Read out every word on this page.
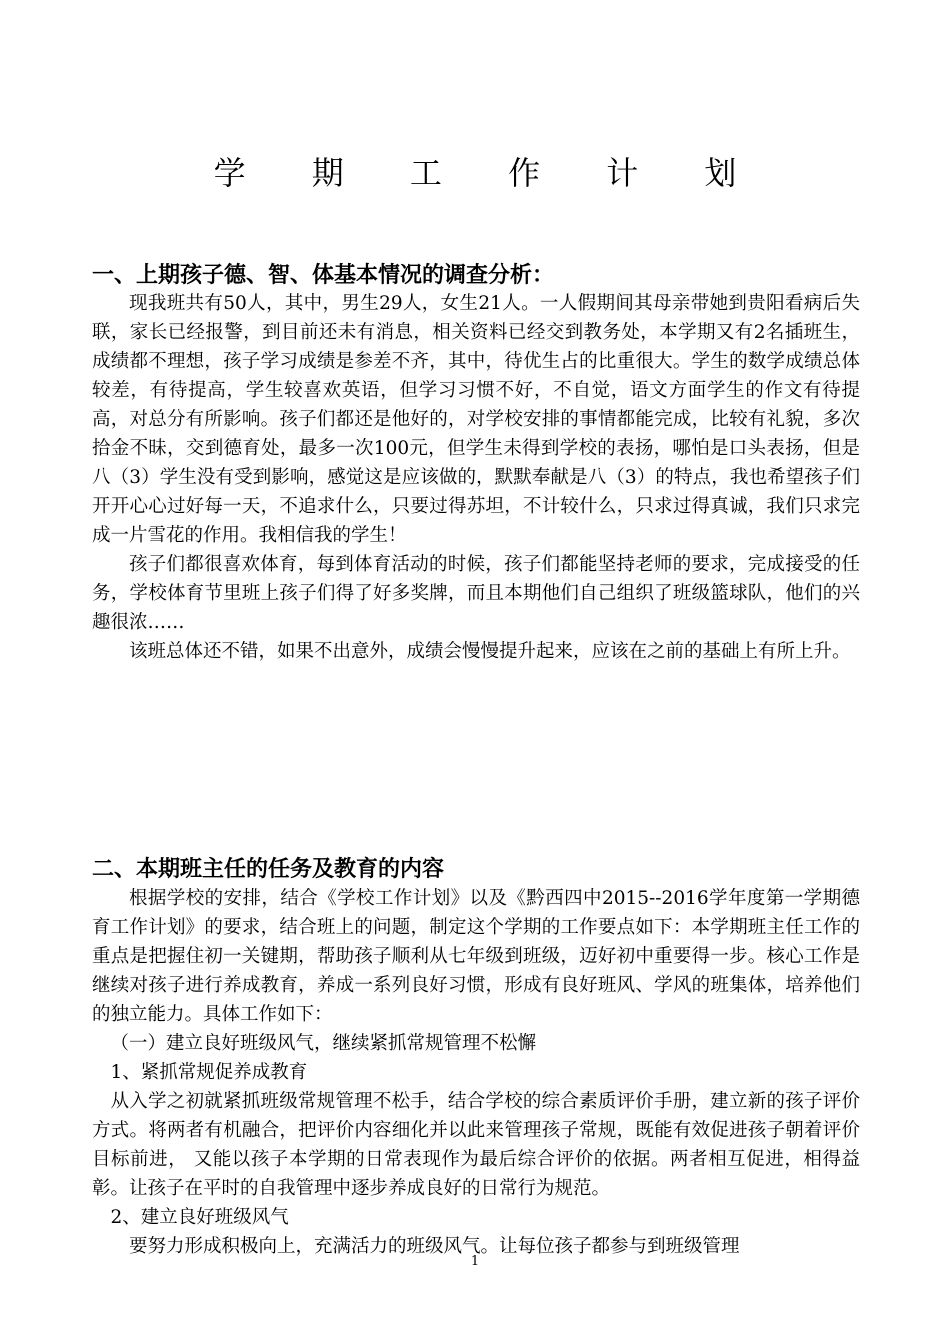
学 期 工 作 计 划
一、上期孩子德、智、体基本情况的调查分析：

现我班共有50人，其中，男生29人，女生21人。一人假期间其母亲带她到贵阳看病后失联，家长已经报警，到目前还未有消息，相关资料已经交到教务处，本学期又有2名插班生，成绩都不理想，孩子学习成绩是参差不齐，其中，待优生占的比重很大。学生的数学成绩总体较差，有待提高，学生较喜欢英语，但学习习惯不好，不自觉，语文方面学生的作文有待提高，对总分有所影响。孩子们都还是他好的，对学校安排的事情都能完成，比较有礼貌，多次拾金不昧，交到德育处，最多一次100元，但学生未得到学校的表扬，哪怕是口头表扬，但是八（3）学生没有受到影响，感觉这是应该做的，默默奉献是八（3）的特点，我也希望孩子们开开心心过好每一天，不追求什么，只要过得苏坦，不计较什么，只求过得真诚，我们只求完成一片雪花的作用。我相信我的学生！

孩子们都很喜欢体育，每到体育活动的时候，孩子们都能坚持老师的要求，完成接受的任务，学校体育节里班上孩子们得了好多奖牌，而且本期他们自己组织了班级篮球队，他们的兴趣很浓……

该班总体还不错，如果不出意外，成绩会慢慢提升起来，应该在之前的基础上有所上升。

二、本期班主任的任务及教育的内容

根据学校的安排，结合《学校工作计划》以及《黔西四中2015--2016学年度第一学期德育工作计划》的要求，结合班上的问题，制定这个学期的工作要点如下：本学期班主任工作的重点是把握住初一关键期，帮助孩子顺利从七年级到班级，迈好初中重要得一步。核心工作是继续对孩子进行养成教育，养成一系列良好习惯，形成有良好班风、学风的班集体，培养他们的独立能力。具体工作如下：

（一）建立良好班级风气，继续紧抓常规管理不松懈

1、紧抓常规促养成教育

从入学之初就紧抓班级常规管理不松手，结合学校的综合素质评价手册，建立新的孩子评价方式。将两者有机融合，把评价内容细化并以此来管理孩子常规，既能有效促进孩子朝着评价目标前进， 又能以孩子本学期的日常表现作为最后综合评价的依据。两者相互促进，相得益彰。让孩子在平时的自我管理中逐步养成良好的日常行为规范。

2、建立良好班级风气

要努力形成积极向上，充满活力的班级风气。让每位孩子都参与到班级管理

1
